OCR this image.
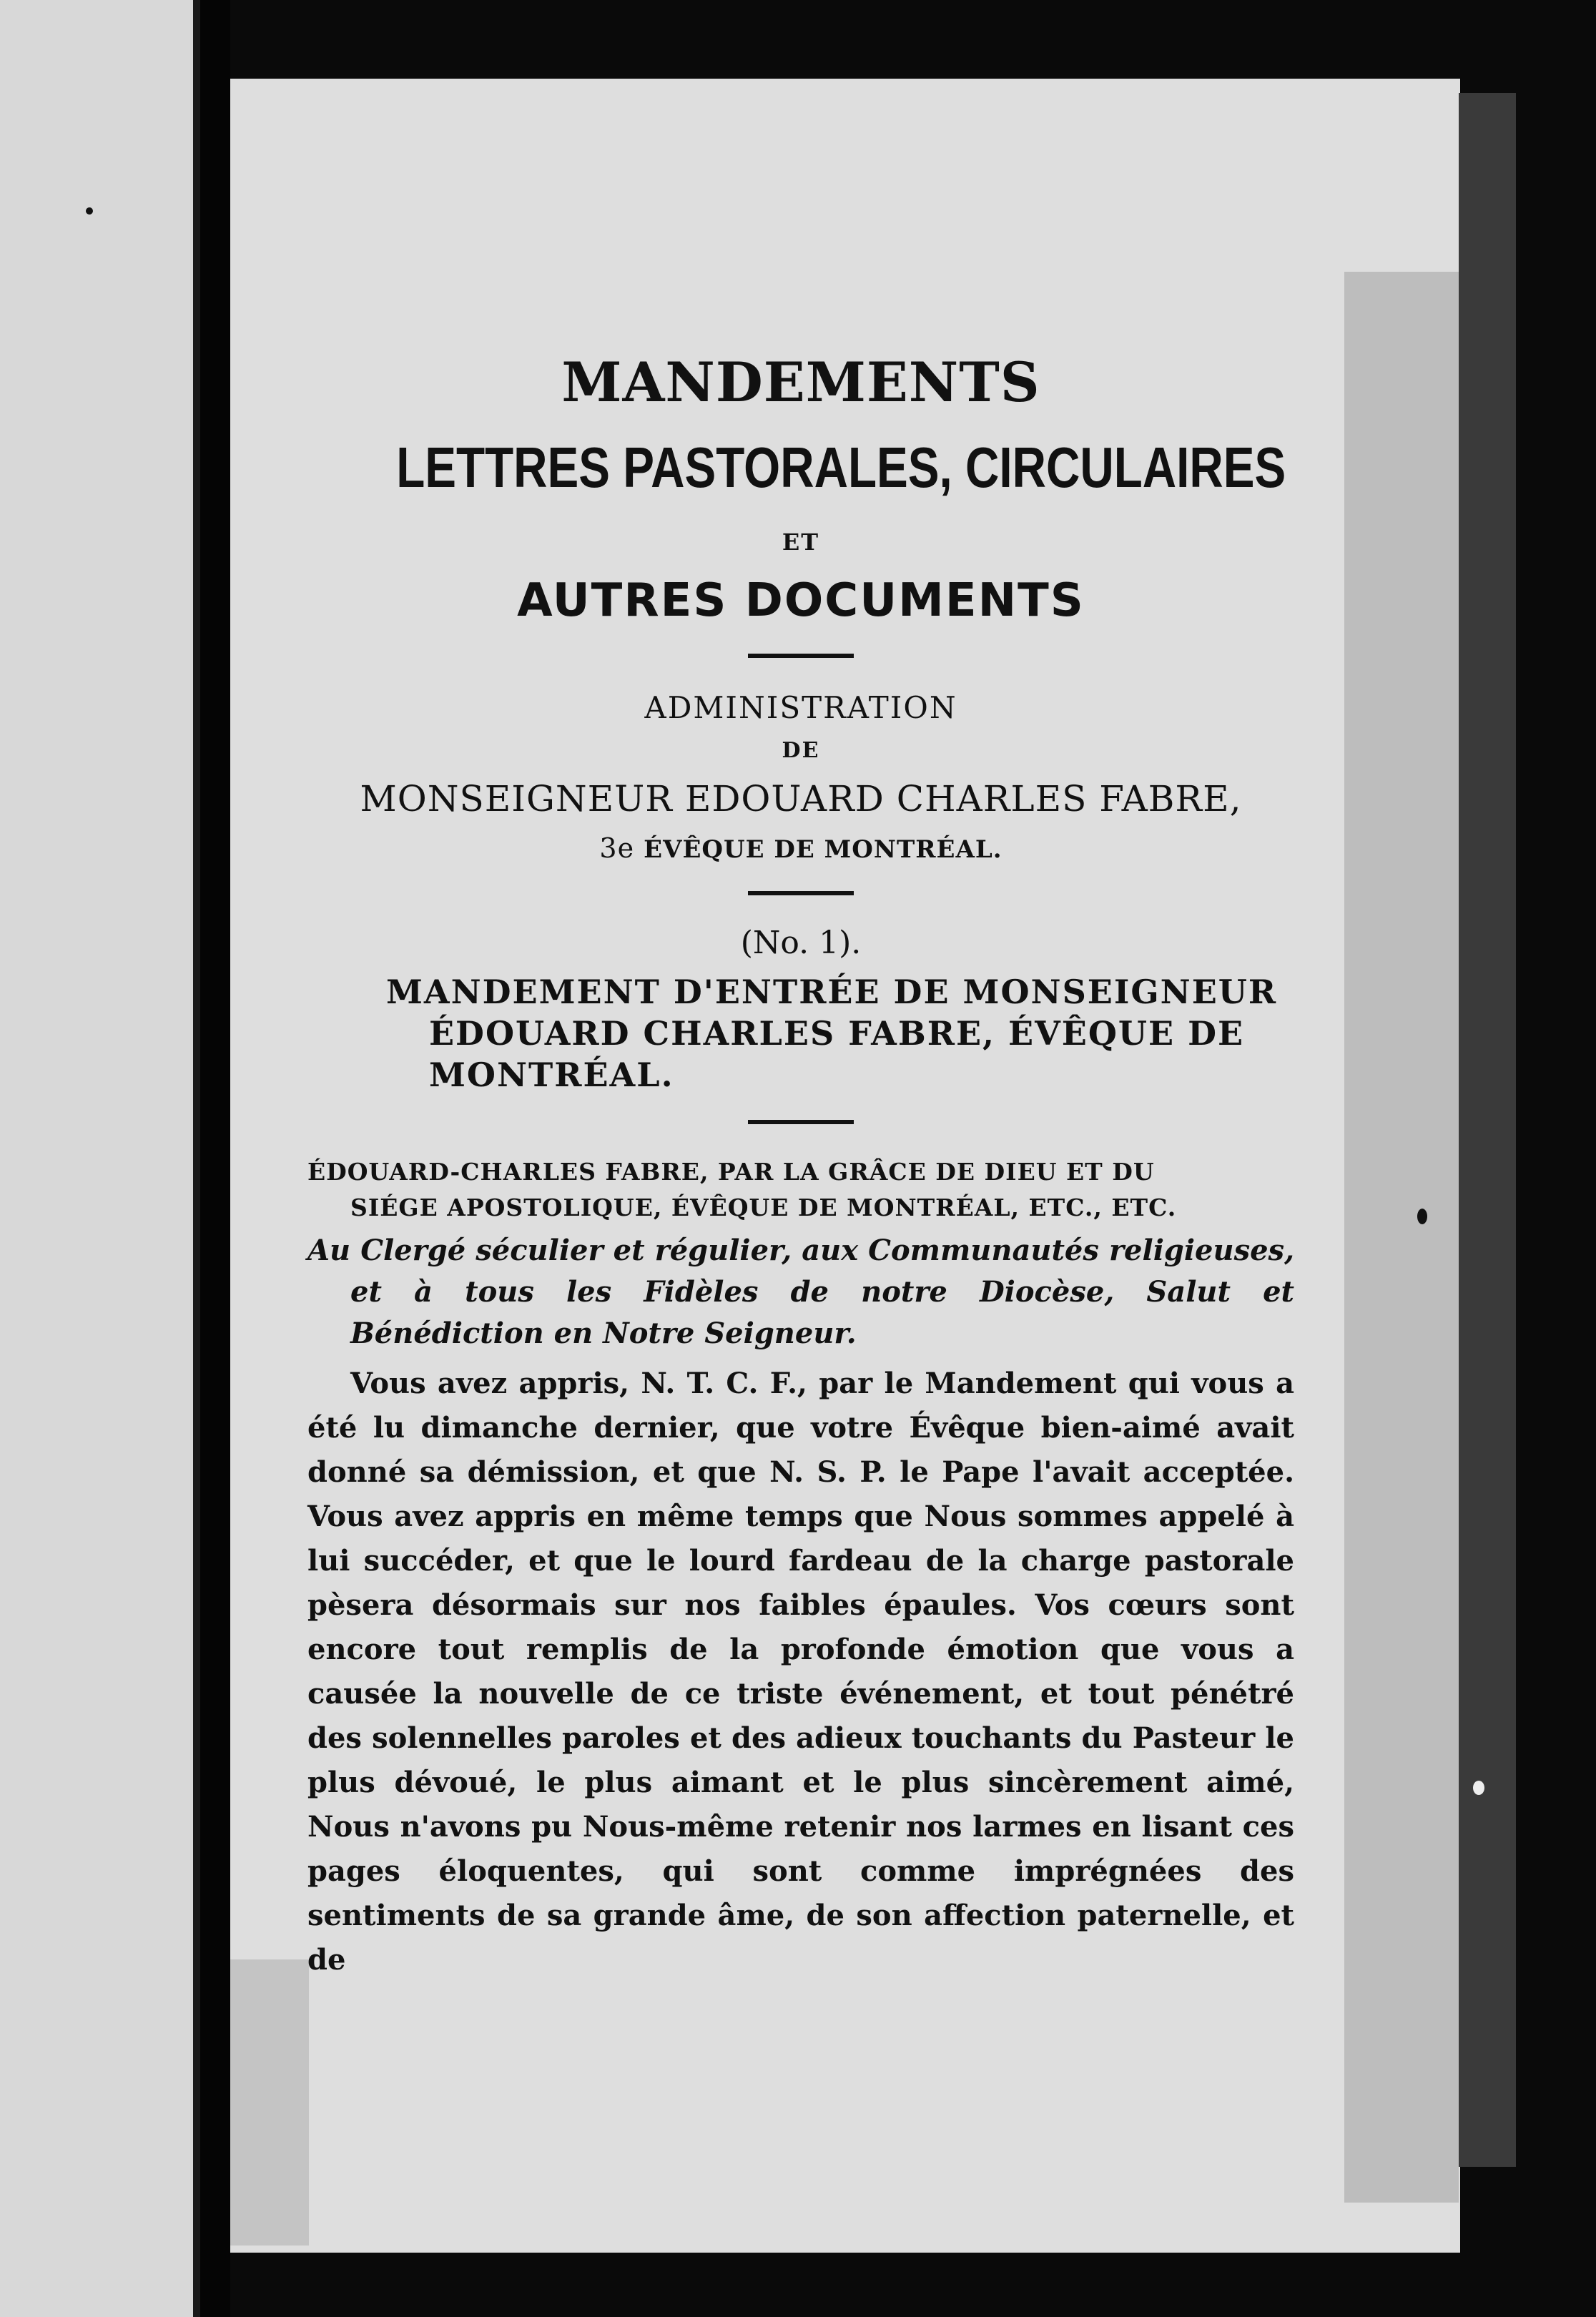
MANDEMENTS
LETTRES PASTORALES, CIRCULAIRES
ET
AUTRES DOCUMENTS
ADMINISTRATION
DE
MONSEIGNEUR EDOUARD CHARLES FABRE,
3e ÉVÊQUE DE MONTRÉAL.
(No. 1).
MANDEMENT D'ENTRÉE DE MONSEIGNEUR
ÉDOUARD CHARLES FABRE, ÉVÊQUE DE
MONTRÉAL.
ÉDOUARD-CHARLES FABRE, PAR LA GRÂCE DE DIEU ET DU
SIÉGE APOSTOLIQUE, ÉVÊQUE DE MONTRÉAL, ETC., ETC.
Au Clergé séculier et régulier, aux Communautés religieuses, et à tous les Fidèles de notre Diocèse, Salut et Bénédiction en Notre Seigneur.
Vous avez appris, N. T. C. F., par le Mandement qui vous a été lu dimanche dernier, que votre Évêque bien-aimé avait donné sa démission, et que N. S. P. le Pape l'avait acceptée. Vous avez appris en même temps que Nous sommes appelé à lui succéder, et que le lourd fardeau de la charge pastorale pèsera désormais sur nos faibles épaules. Vos cœurs sont encore tout remplis de la profonde émotion que vous a causée la nouvelle de ce triste événement, et tout pénétré des solennelles paroles et des adieux touchants du Pasteur le plus dévoué, le plus aimant et le plus sincèrement aimé, Nous n'avons pu Nous-même retenir nos larmes en lisant ces pages éloquentes, qui sont comme imprégnées des sentiments de sa grande âme, de son affection paternelle, et de
